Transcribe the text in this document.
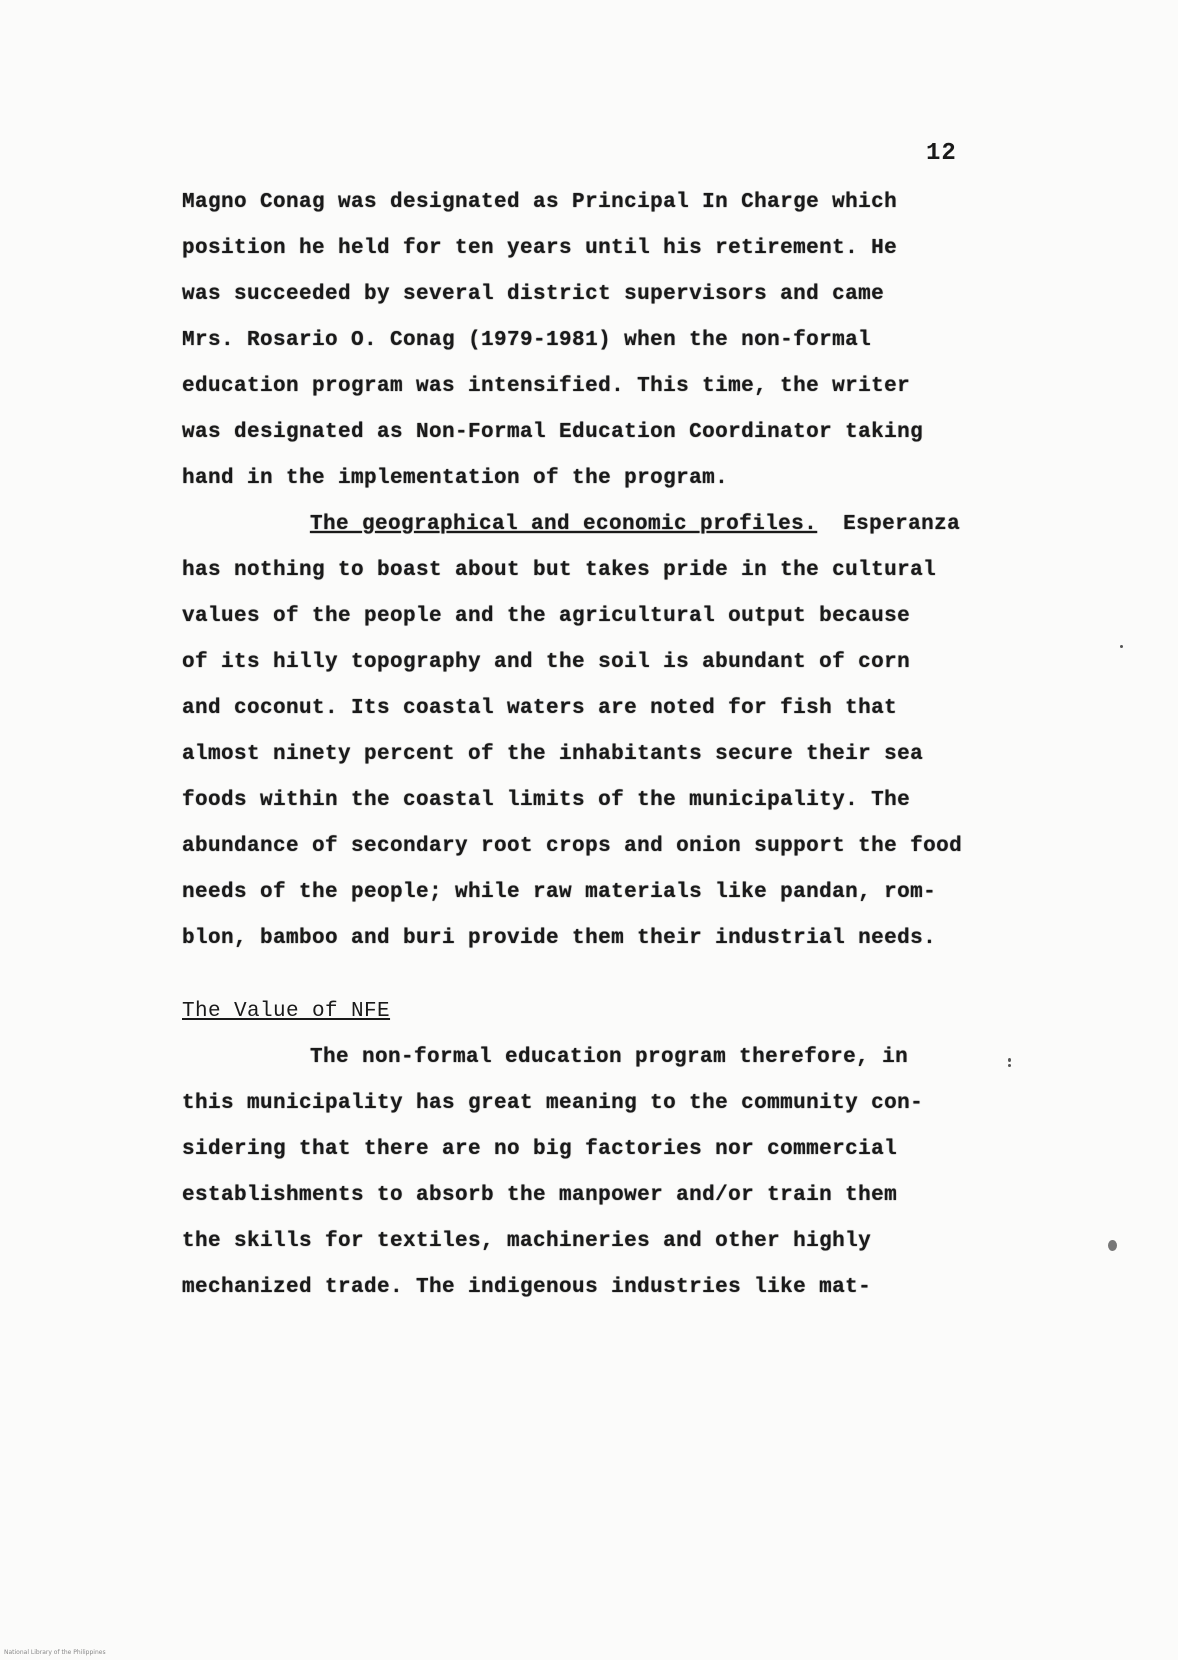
12
Magno Conag was designated as Principal In Charge which
position he held for ten years until his retirement. He
was succeeded by several district supervisors and came
Mrs. Rosario O. Conag (1979-1981) when the non-formal
education program was intensified. This time, the writer
was designated as Non-Formal Education Coordinator taking
hand in the implementation of the program.
The geographical and economic profiles. Esperanza
has nothing to boast about but takes pride in the cultural
values of the people and the agricultural output because
of its hilly topography and the soil is abundant of corn
and coconut. Its coastal waters are noted for fish that
almost ninety percent of the inhabitants secure their sea
foods within the coastal limits of the municipality. The
abundance of secondary root crops and onion support the food
needs of the people; while raw materials like pandan, rom-
blon, bamboo and buri provide them their industrial needs.
The Value of NFE
The non-formal education program therefore, in
this municipality has great meaning to the community con-
sidering that there are no big factories nor commercial
establishments to absorb the manpower and/or train them
the skills for textiles, machineries and other highly
mechanized trade. The indigenous industries like mat-
National Library of the Philippines
